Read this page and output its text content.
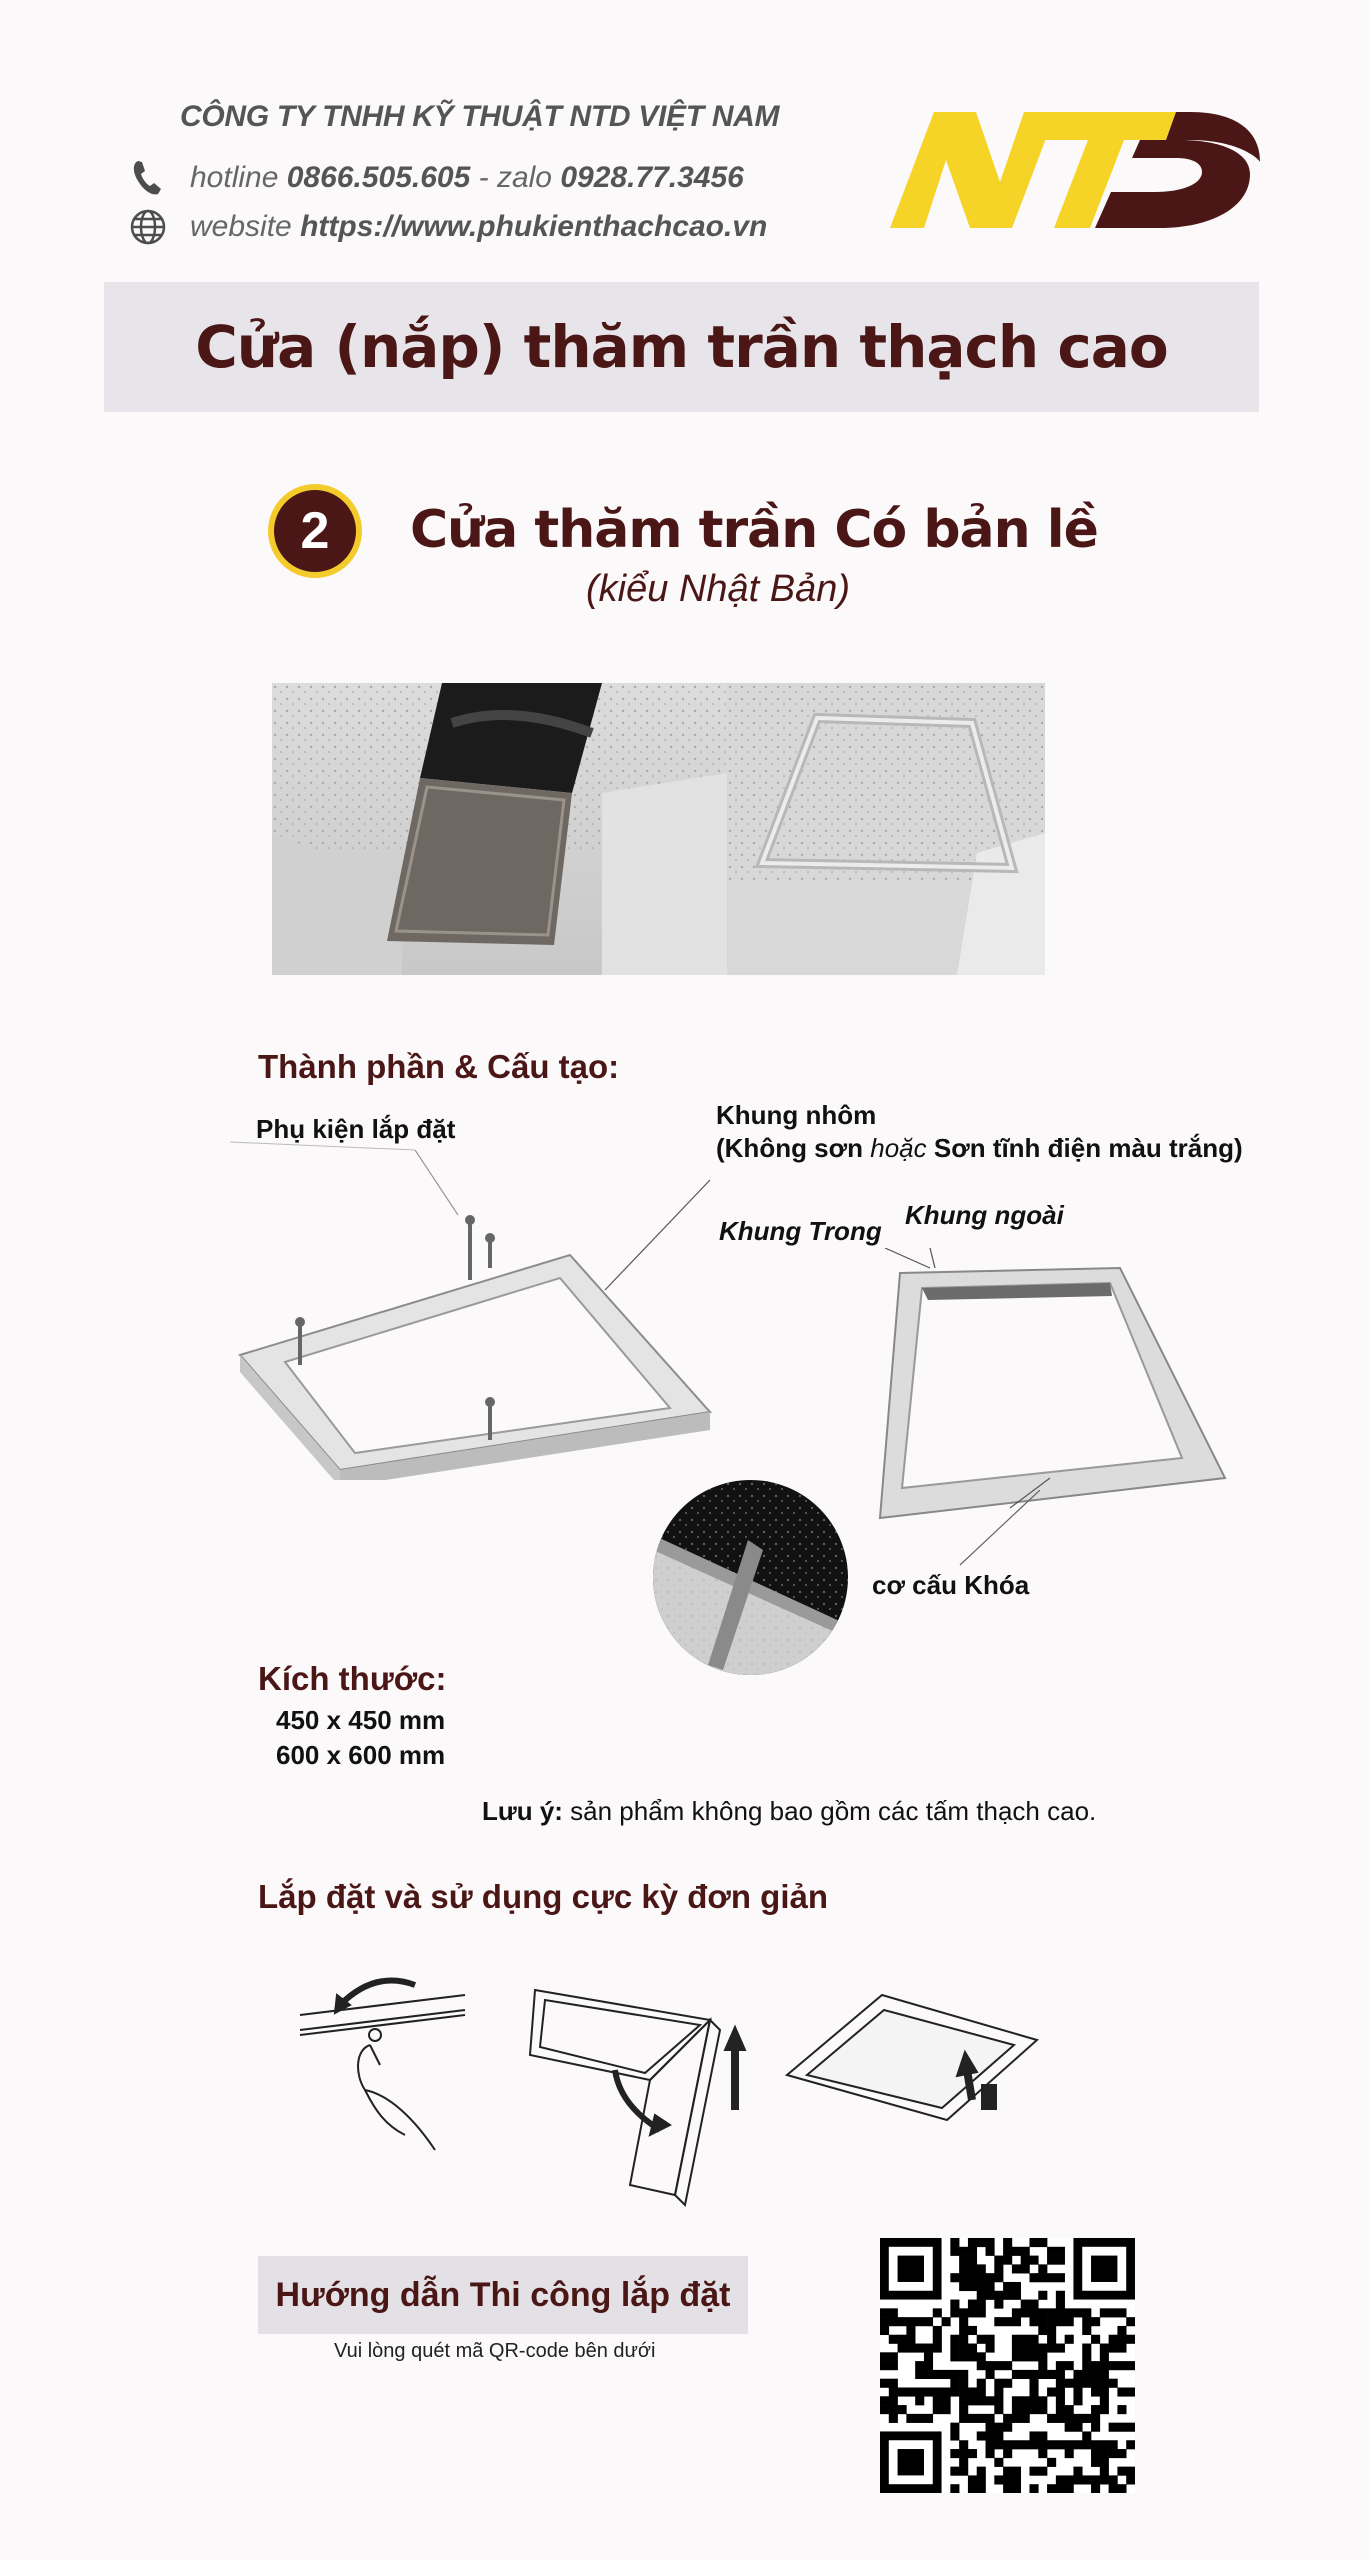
CÔNG TY TNHH KỸ THUẬT NTD VIỆT NAM
hotline 0866.505.605 - zalo 0928.77.3456
website https://www.phukienthachcao.vn
Cửa (nắp) thăm trần thạch cao
2	Cửa thăm trần Có bản lề
(kiểu Nhật Bản)
Thành phần & Cấu tạo:
Phụ kiện lắp đặt	Khung nhôm
(Không sơn hoặc Sơn tĩnh điện màu trắng)
Khung Trong
Khung ngoài
cơ cấu Khóa
Kích thước:
450 x 450 mm
600 x 600 mm
Lưu ý: sản phẩm không bao gồm các tấm thạch cao.
Lắp đặt và sử dụng cực kỳ đơn giản
Hướng dẫn Thi công lắp đặt
Vui lòng quét mã QR-code bên dưới
